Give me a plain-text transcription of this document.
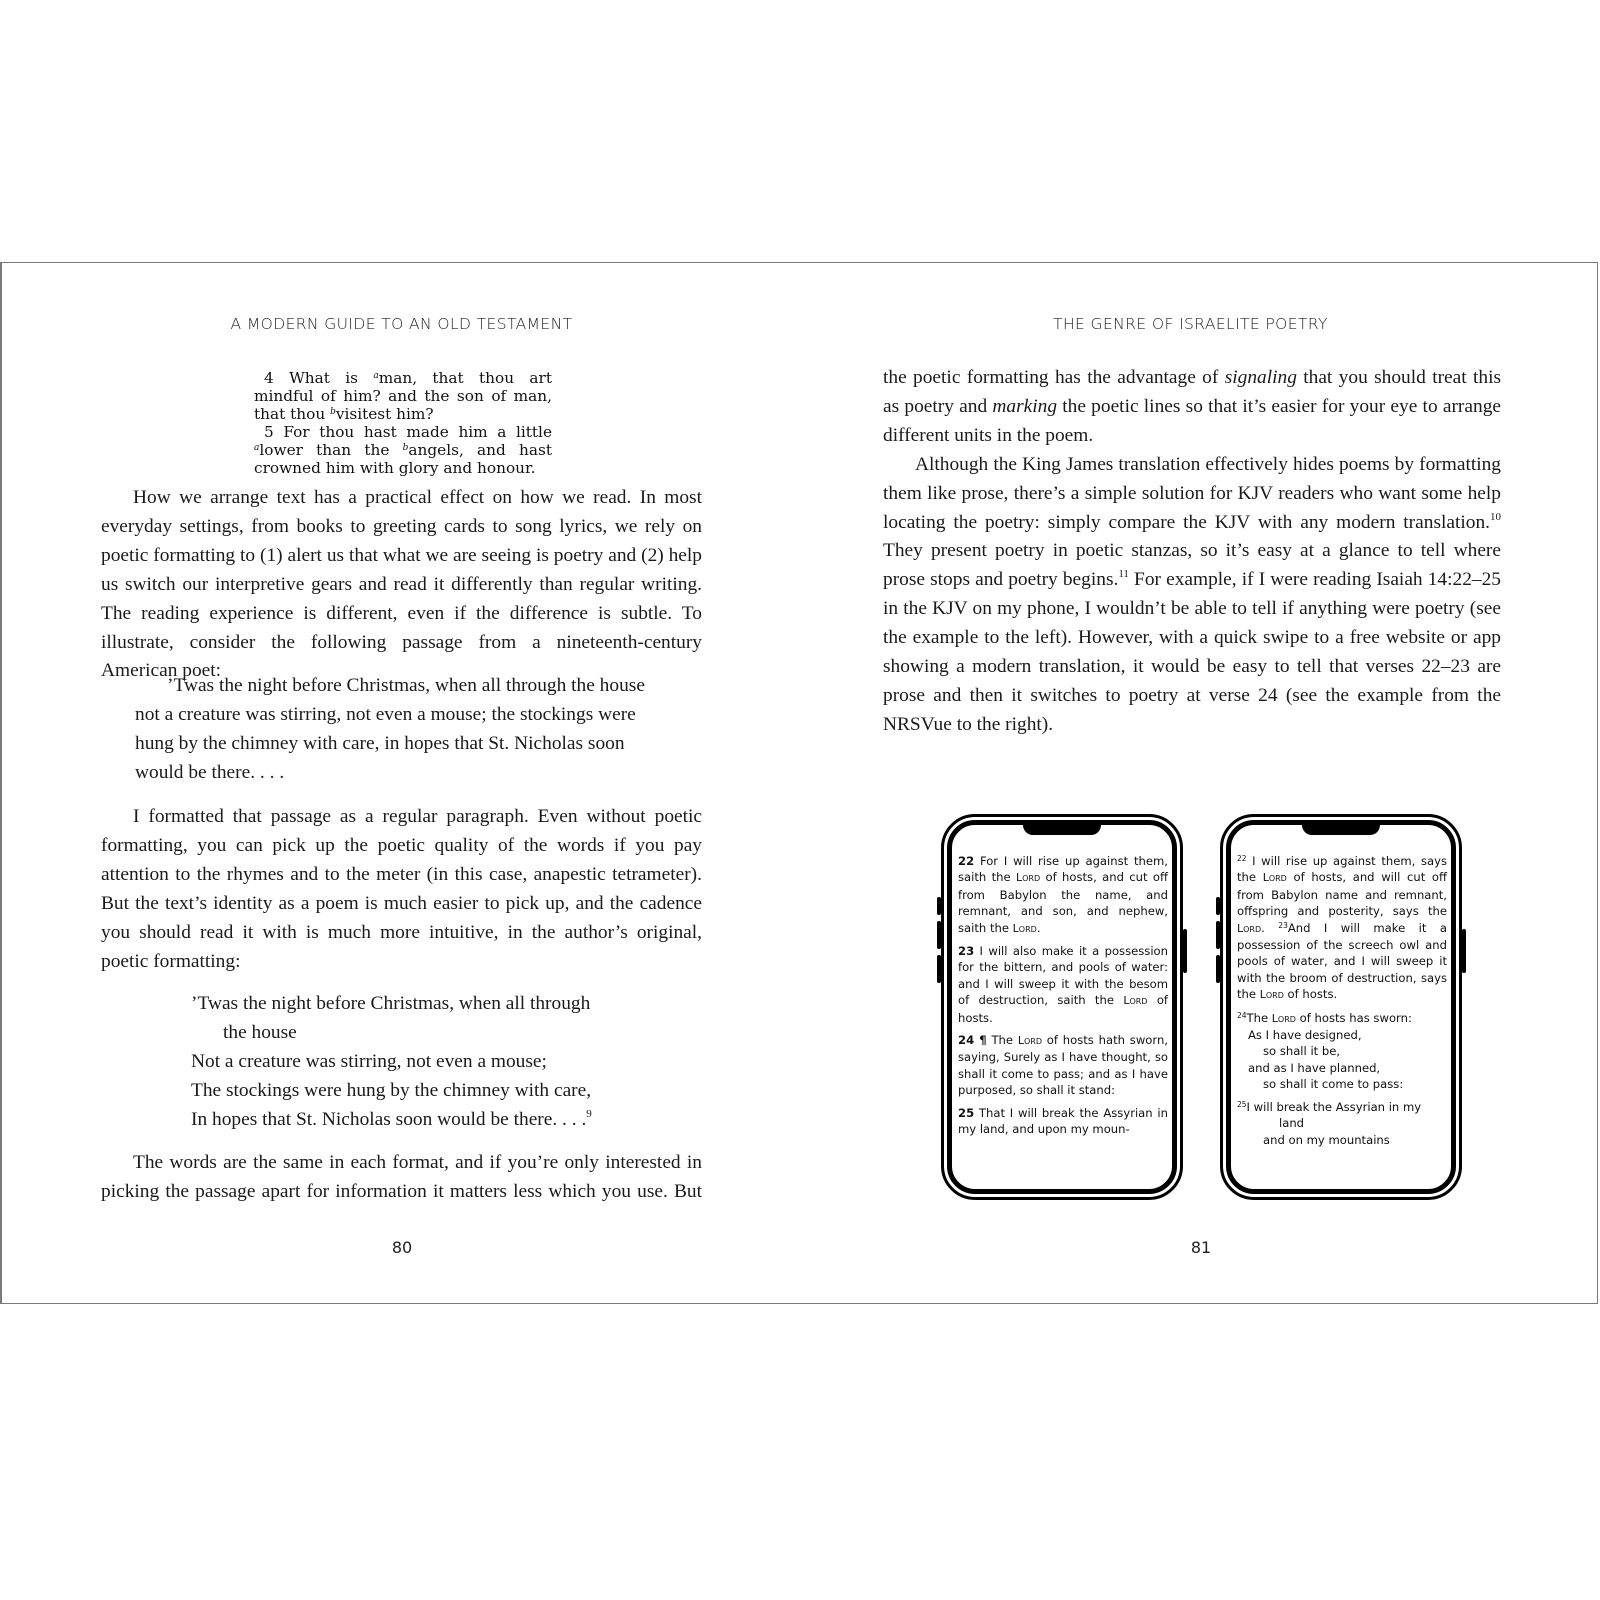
A MODERN GUIDE TO AN OLD TESTAMENT

4 What is $^a$man, that thou art mindful of him? and the son of man, that thou $^b$visitest him?

5 For thou hast made him a little $^a$lower than the $^b$angels, and hast crowned him with glory and honour.

How we arrange text has a practical effect on how we read. In most everyday settings, from books to greeting cards to song lyrics, we rely on poetic formatting to (1) alert us that what we are seeing is poetry and (2) help us switch our interpretive gears and read it differently than regular writing. The reading experience is different, even if the difference is subtle. To illustrate, consider the following passage from a nineteenth-century American poet:

’Twas the night before Christmas, when all through the house not a creature was stirring, not even a mouse; the stockings were hung by the chimney with care, in hopes that St. Nicholas soon would be there. . . .

I formatted that passage as a regular paragraph. Even without poetic formatting, you can pick up the poetic quality of the words if you pay attention to the rhymes and to the meter (in this case, anapestic tetrameter). But the text’s identity as a poem is much easier to pick up, and the cadence you should read it with is much more intuitive, in the author’s original, poetic formatting:

’Twas the night before Christmas, when all through
the house
Not a creature was stirring, not even a mouse;
The stockings were hung by the chimney with care,
In hopes that St. Nicholas soon would be there. . . .$^9$

The words are the same in each format, and if you’re only interested in picking the passage apart for information it matters less which you use. But

80
THE GENRE OF ISRAELITE POETRY

the poetic formatting has the advantage of signaling that you should treat this as poetry and marking the poetic lines so that it’s easier for your eye to arrange different units in the poem.

Although the King James translation effectively hides poems by formatting them like prose, there’s a simple solution for KJV readers who want some help locating the poetry: simply compare the KJV with any modern translation.$^{10}$ They present poetry in poetic stanzas, so it’s easy at a glance to tell where prose stops and poetry begins.$^{11}$ For example, if I were reading Isaiah 14:22–25 in the KJV on my phone, I wouldn’t be able to tell if anything were poetry (see the example to the left). However, with a quick swipe to a free website or app showing a modern translation, it would be easy to tell that verses 22–23 are prose and then it switches to poetry at verse 24 (see the example from the NRSVue to the right).

22 For I will rise up against them, saith the Lord of hosts, and cut off from Babylon the name, and remnant, and son, and nephew, saith the Lord.

23 I will also make it a possession for the bittern, and pools of water: and I will sweep it with the besom of destruction, saith the Lord of hosts.

24 ¶ The Lord of hosts hath sworn, saying, Surely as I have thought, so shall it come to pass; and as I have purposed, so shall it stand:

25 That I will break the Assyrian in my land, and upon my moun-

$^{22}$ I will rise up against them, says the Lord of hosts, and will cut off from Babylon name and remnant, offspring and posterity, says the Lord. $^{23}$And I will make it a possession of the screech owl and pools of water, and I will sweep it with the broom of destruction, says the Lord of hosts.

$^{24}$The Lord of hosts has sworn:
As I have designed,
so shall it be,
and as I have planned,
so shall it come to pass:

$^{25}$I will break the Assyrian in my
land
and on my mountains

81
